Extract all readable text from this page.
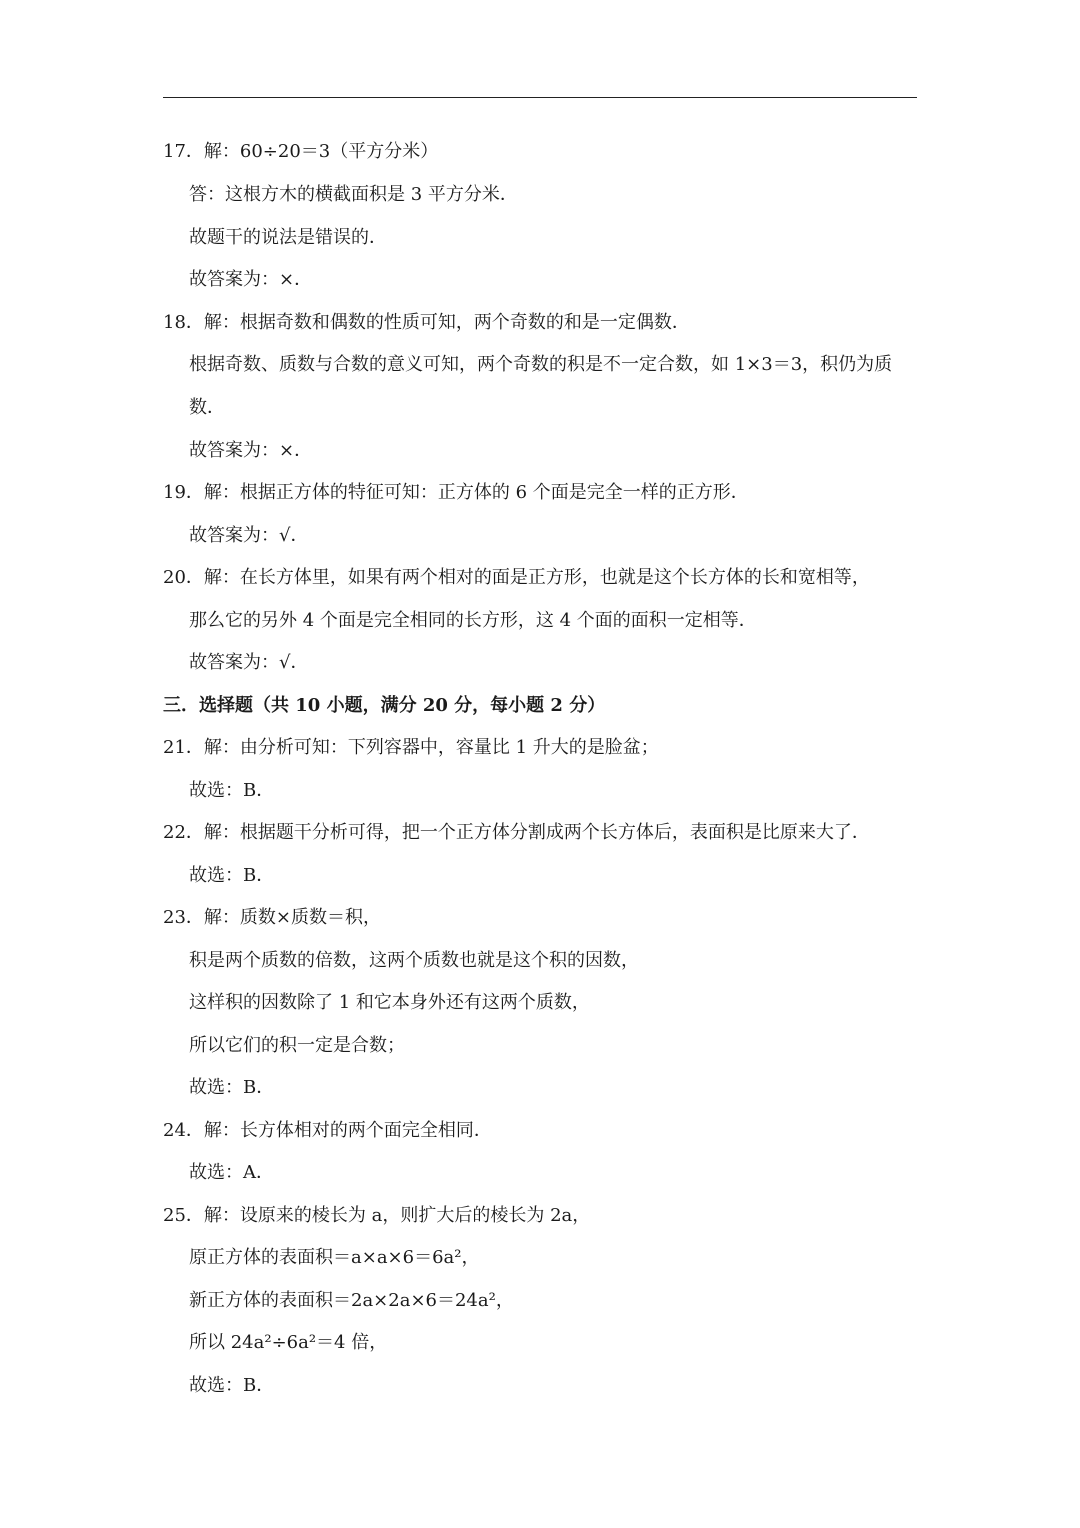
17．解：60÷20＝3（平方分米）
答：这根方木的横截面积是 3 平方分米．
故题干的说法是错误的．
故答案为：×．
18．解：根据奇数和偶数的性质可知，两个奇数的和是一定偶数．
根据奇数、质数与合数的意义可知，两个奇数的积是不一定合数，如 1×3＝3，积仍为质
数．
故答案为：×．
19．解：根据正方体的特征可知：正方体的 6 个面是完全一样的正方形．
故答案为：√．
20．解：在长方体里，如果有两个相对的面是正方形，也就是这个长方体的长和宽相等，
那么它的另外 4 个面是完全相同的长方形，这 4 个面的面积一定相等．
故答案为：√．
三．选择题（共 10 小题，满分 20 分，每小题 2 分）
21．解：由分析可知：下列容器中，容量比 1 升大的是脸盆；
故选：B．
22．解：根据题干分析可得，把一个正方体分割成两个长方体后，表面积是比原来大了．
故选：B．
23．解：质数×质数＝积，
积是两个质数的倍数，这两个质数也就是这个积的因数，
这样积的因数除了 1 和它本身外还有这两个质数，
所以它们的积一定是合数；
故选：B．
24．解：长方体相对的两个面完全相同．
故选：A．
25．解：设原来的棱长为 a，则扩大后的棱长为 2a，
原正方体的表面积＝a×a×6＝6a²，
新正方体的表面积＝2a×2a×6＝24a²，
所以 24a²÷6a²＝4 倍，
故选：B．
